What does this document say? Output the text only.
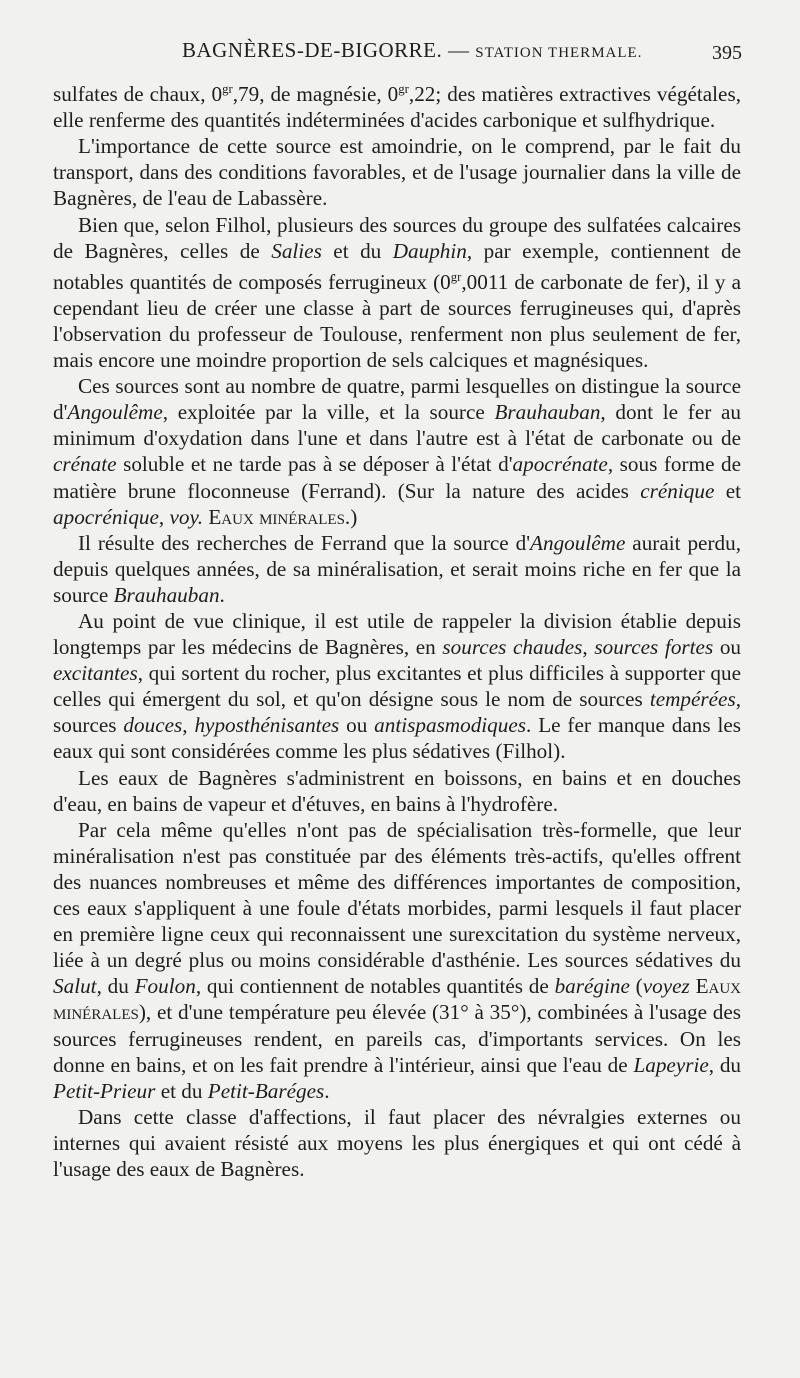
BAGNÈRES-DE-BIGORRE. — STATION THERMALE.	395

sulfates de chaux, $0^{gr},79$, de magnésie, $0^{gr},22$; des matières extractives végétales, elle renferme des quantités indéterminées d'acides carbonique et sulfhydrique.

L'importance de cette source est amoindrie, on le comprend, par le fait du transport, dans des conditions favorables, et de l'usage journalier dans la ville de Bagnères, de l'eau de Labassère.

Bien que, selon Filhol, plusieurs des sources du groupe des sulfatées calcaires de Bagnères, celles de Salies et du Dauphin, par exemple, contiennent de notables quantités de composés ferrugineux ($0^{gr},0011$ de carbonate de fer), il y a cependant lieu de créer une classe à part de sources ferrugineuses qui, d'après l'observation du professeur de Toulouse, renferment non plus seulement de fer, mais encore une moindre proportion de sels calciques et magnésiques.

Ces sources sont au nombre de quatre, parmi lesquelles on distingue la source d'Angoulême, exploitée par la ville, et la source Brauhauban, dont le fer au minimum d'oxydation dans l'une et dans l'autre est à l'état de carbonate ou de crénate soluble et ne tarde pas à se déposer à l'état d'apocrénate, sous forme de matière brune floconneuse (Ferrand). (Sur la nature des acides crénique et apocrénique, voy. Eaux minérales.)

Il résulte des recherches de Ferrand que la source d'Angoulême aurait perdu, depuis quelques années, de sa minéralisation, et serait moins riche en fer que la source Brauhauban.

Au point de vue clinique, il est utile de rappeler la division établie depuis longtemps par les médecins de Bagnères, en sources chaudes, sources fortes ou excitantes, qui sortent du rocher, plus excitantes et plus difficiles à supporter que celles qui émergent du sol, et qu'on désigne sous le nom de sources tempérées, sources douces, hyposthénisantes ou antispasmodiques. Le fer manque dans les eaux qui sont considérées comme les plus sédatives (Filhol).

Les eaux de Bagnères s'administrent en boissons, en bains et en douches d'eau, en bains de vapeur et d'étuves, en bains à l'hydrofère.

Par cela même qu'elles n'ont pas de spécialisation très-formelle, que leur minéralisation n'est pas constituée par des éléments très-actifs, qu'elles offrent des nuances nombreuses et même des différences importantes de composition, ces eaux s'appliquent à une foule d'états morbides, parmi lesquels il faut placer en première ligne ceux qui reconnaissent une surexcitation du système nerveux, liée à un degré plus ou moins considérable d'asthénie. Les sources sédatives du Salut, du Foulon, qui contiennent de notables quantités de barégine (voyez Eaux minérales), et d'une température peu élevée (31° à 35°), combinées à l'usage des sources ferrugineuses rendent, en pareils cas, d'importants services. On les donne en bains, et on les fait prendre à l'intérieur, ainsi que l'eau de Lapeyrie, du Petit-Prieur et du Petit-Baréges.

Dans cette classe d'affections, il faut placer des névralgies externes ou internes qui avaient résisté aux moyens les plus énergiques et qui ont cédé à l'usage des eaux de Bagnères.
